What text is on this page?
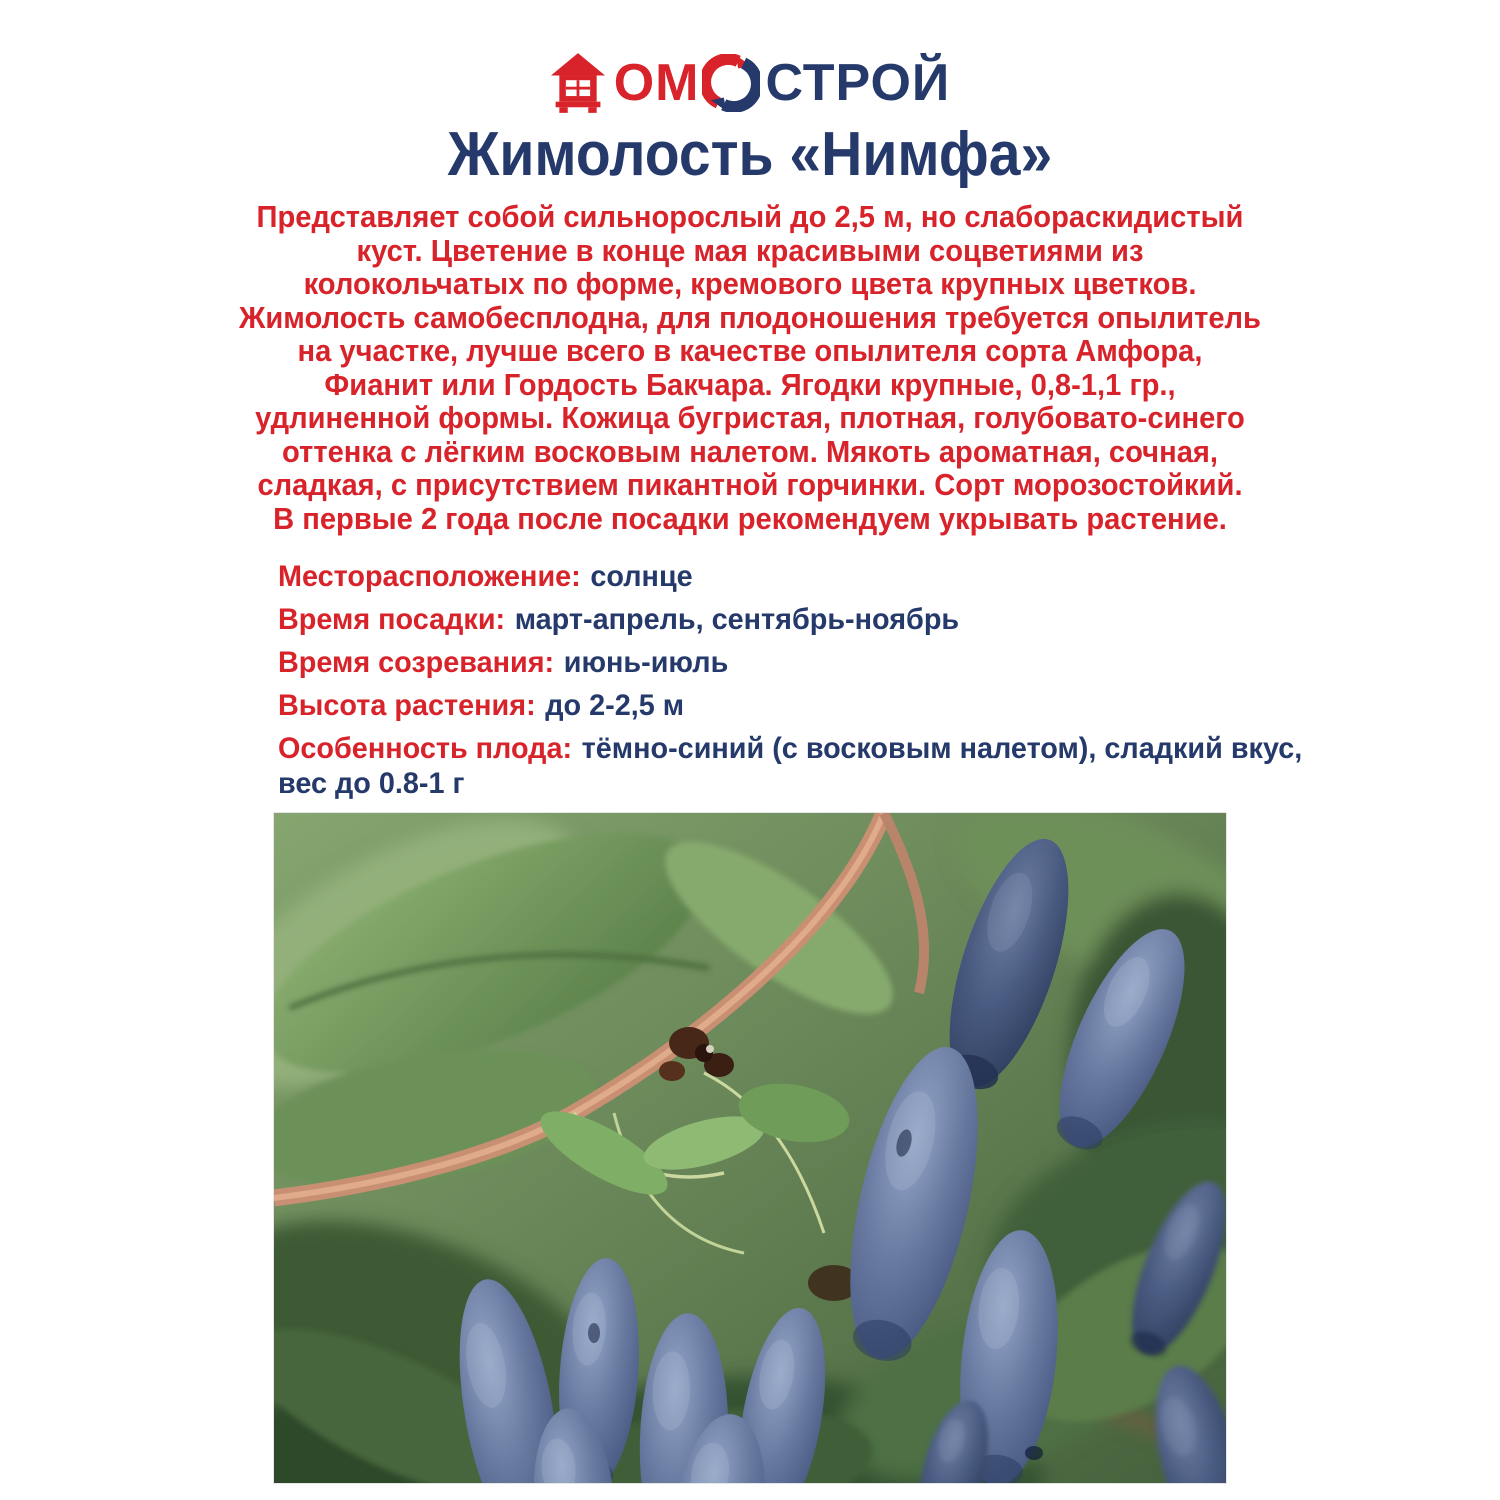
ОМ СТРОЙ
Жимолость «Нимфа»
Представляет собой сильнорослый до 2,5 м, но слабораскидистый
куст. Цветение в конце мая красивыми соцветиями из
колокольчатых по форме, кремового цвета крупных цветков.
Жимолость самобесплодна, для плодоношения требуется опылитель
на участке, лучше всего в качестве опылителя сорта Амфора,
Фианит или Гордость Бакчара. Ягодки крупные, 0,8-1,1 гр.,
удлиненной формы. Кожица бугристая, плотная, голубовато-синего
оттенка с лёгким восковым налетом. Мякоть ароматная, сочная,
сладкая, с присутствием пикантной горчинки. Сорт морозостойкий.
В первые 2 года после посадки рекомендуем укрывать растение.
Месторасположение: солнце
Время посадки: март-апрель, сентябрь-ноябрь
Время созревания: июнь-июль
Высота растения: до 2-2,5 м
Особенность плода: тёмно-синий (с восковым налетом), сладкий вкус,
вес до 0.8-1 г
